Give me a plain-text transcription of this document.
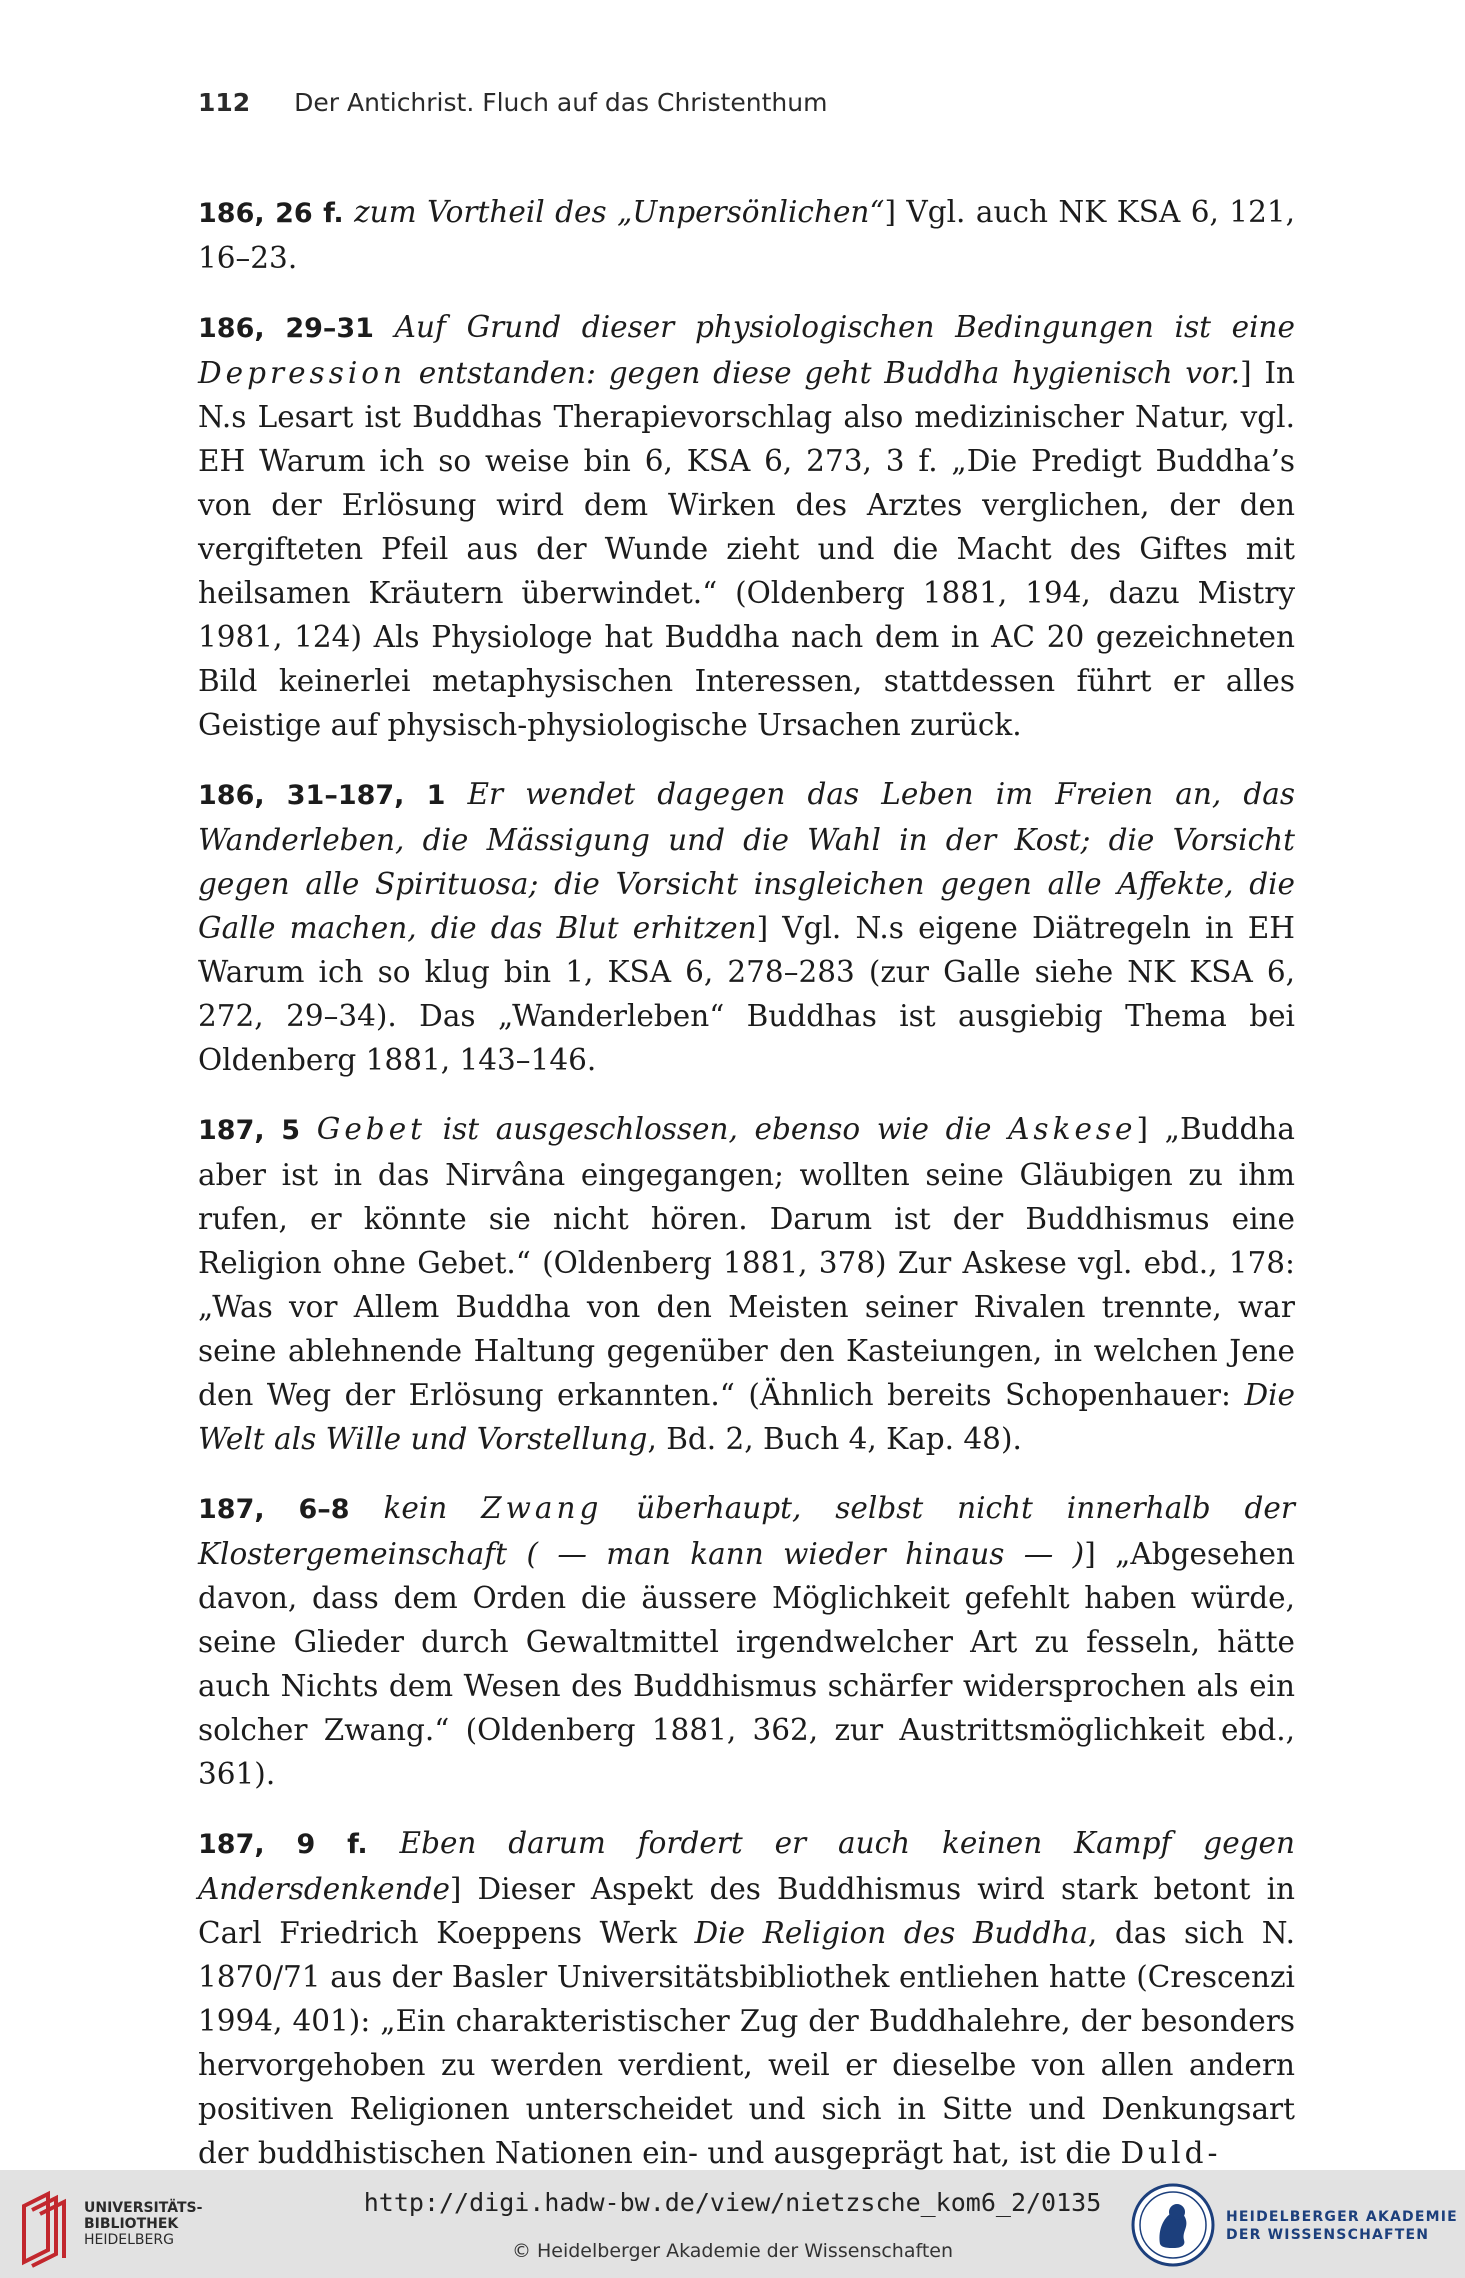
112 Der Antichrist. Fluch auf das Christenthum

186, 26 f. zum Vortheil des „Unpersönlichen“] Vgl. auch NK KSA 6, 121, 16–23.

186, 29–31 Auf Grund dieser physiologischen Bedingungen ist eine Depression entstanden: gegen diese geht Buddha hygienisch vor.] In N.s Lesart ist Buddhas Therapievorschlag also medizinischer Natur, vgl. EH Warum ich so weise bin 6, KSA 6, 273, 3 f. „Die Predigt Buddha’s von der Erlösung wird dem Wirken des Arztes verglichen, der den vergifteten Pfeil aus der Wunde zieht und die Macht des Giftes mit heilsamen Kräutern überwindet.“ (Oldenberg 1881, 194, dazu Mistry 1981, 124) Als Physiologe hat Buddha nach dem in AC 20 gezeichneten Bild keinerlei metaphysischen Interessen, stattdessen führt er alles Geistige auf physisch-physiologische Ursachen zurück.

186, 31–187, 1 Er wendet dagegen das Leben im Freien an, das Wanderleben, die Mässigung und die Wahl in der Kost; die Vorsicht gegen alle Spirituosa; die Vorsicht insgleichen gegen alle Affekte, die Galle machen, die das Blut erhitzen] Vgl. N.s eigene Diätregeln in EH Warum ich so klug bin 1, KSA 6, 278–283 (zur Galle siehe NK KSA 6, 272, 29–34). Das „Wanderleben“ Buddhas ist ausgiebig Thema bei Oldenberg 1881, 143–146.

187, 5 Gebet ist ausgeschlossen, ebenso wie die Askese] „Buddha aber ist in das Nirvâna eingegangen; wollten seine Gläubigen zu ihm rufen, er könnte sie nicht hören. Darum ist der Buddhismus eine Religion ohne Gebet.“ (Oldenberg 1881, 378) Zur Askese vgl. ebd., 178: „Was vor Allem Buddha von den Meisten seiner Rivalen trennte, war seine ablehnende Haltung gegenüber den Kasteiungen, in welchen Jene den Weg der Erlösung erkannten.“ (Ähnlich bereits Schopenhauer: Die Welt als Wille und Vorstellung, Bd. 2, Buch 4, Kap. 48).

187, 6–8 kein Zwang überhaupt, selbst nicht innerhalb der Klostergemeinschaft ( — man kann wieder hinaus — )] „Abgesehen davon, dass dem Orden die äussere Möglichkeit gefehlt haben würde, seine Glieder durch Gewaltmittel irgendwelcher Art zu fesseln, hätte auch Nichts dem Wesen des Buddhismus schärfer widersprochen als ein solcher Zwang.“ (Oldenberg 1881, 362, zur Austrittsmöglichkeit ebd., 361).

187, 9 f. Eben darum fordert er auch keinen Kampf gegen Andersdenkende] Dieser Aspekt des Buddhismus wird stark betont in Carl Friedrich Koeppens Werk Die Religion des Buddha, das sich N. 1870/71 aus der Basler Universitätsbibliothek entliehen hatte (Crescenzi 1994, 401): „Ein charakteristischer Zug der Buddhalehre, der besonders hervorgehoben zu werden verdient, weil er dieselbe von allen andern positiven Religionen unterscheidet und sich in Sitte und Denkungsart der buddhistischen Nationen ein- und ausgeprägt hat, ist die Duld-

UNIVERSITÄTS-
BIBLIOTHEK
HEIDELBERG
http://digi.hadw-bw.de/view/nietzsche_kom6_2/0135
© Heidelberger Akademie der Wissenschaften
HEIDELBERGER AKADEMIE
DER WISSENSCHAFTEN
